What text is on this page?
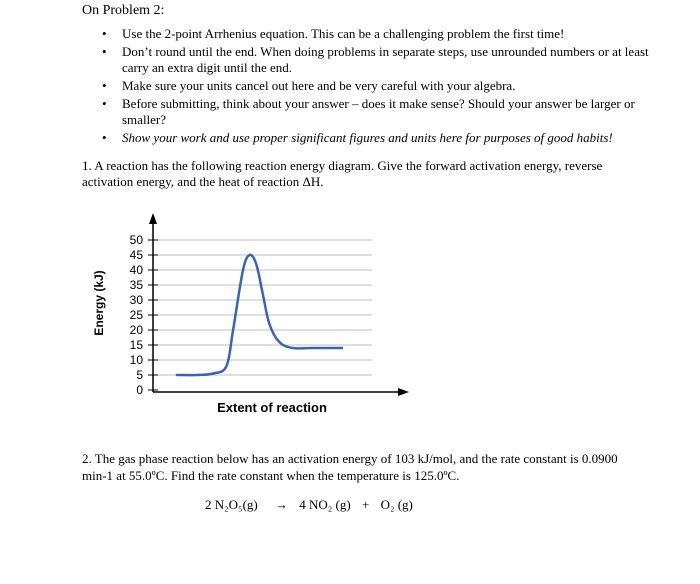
On Problem 2:
• Use the 2-point Arrhenius equation. This can be a challenging problem the first time!
• Don’t round until the end. When doing problems in separate steps, use unrounded numbers or at least carry an extra digit until the end.
• Make sure your units cancel out here and be very careful with your algebra.
• Before submitting, think about your answer – does it make sense? Should your answer be larger or smaller?
• Show your work and use proper significant figures and units here for purposes of good habits!
1. A reaction has the following reaction energy diagram. Give the forward activation energy, reverse activation energy, and the heat of reaction ΔH.
0
5
10
15
20
25
30
35
40
45
50
Energy (kJ)
Extent of reaction
2. The gas phase reaction below has an activation energy of 103 kJ/mol, and the rate constant is 0.0900 min-1 at 55.0ºC. Find the rate constant when the temperature is 125.0ºC.
2 N₂O₅(g) → 4 NO₂ (g) + O₂ (g)
